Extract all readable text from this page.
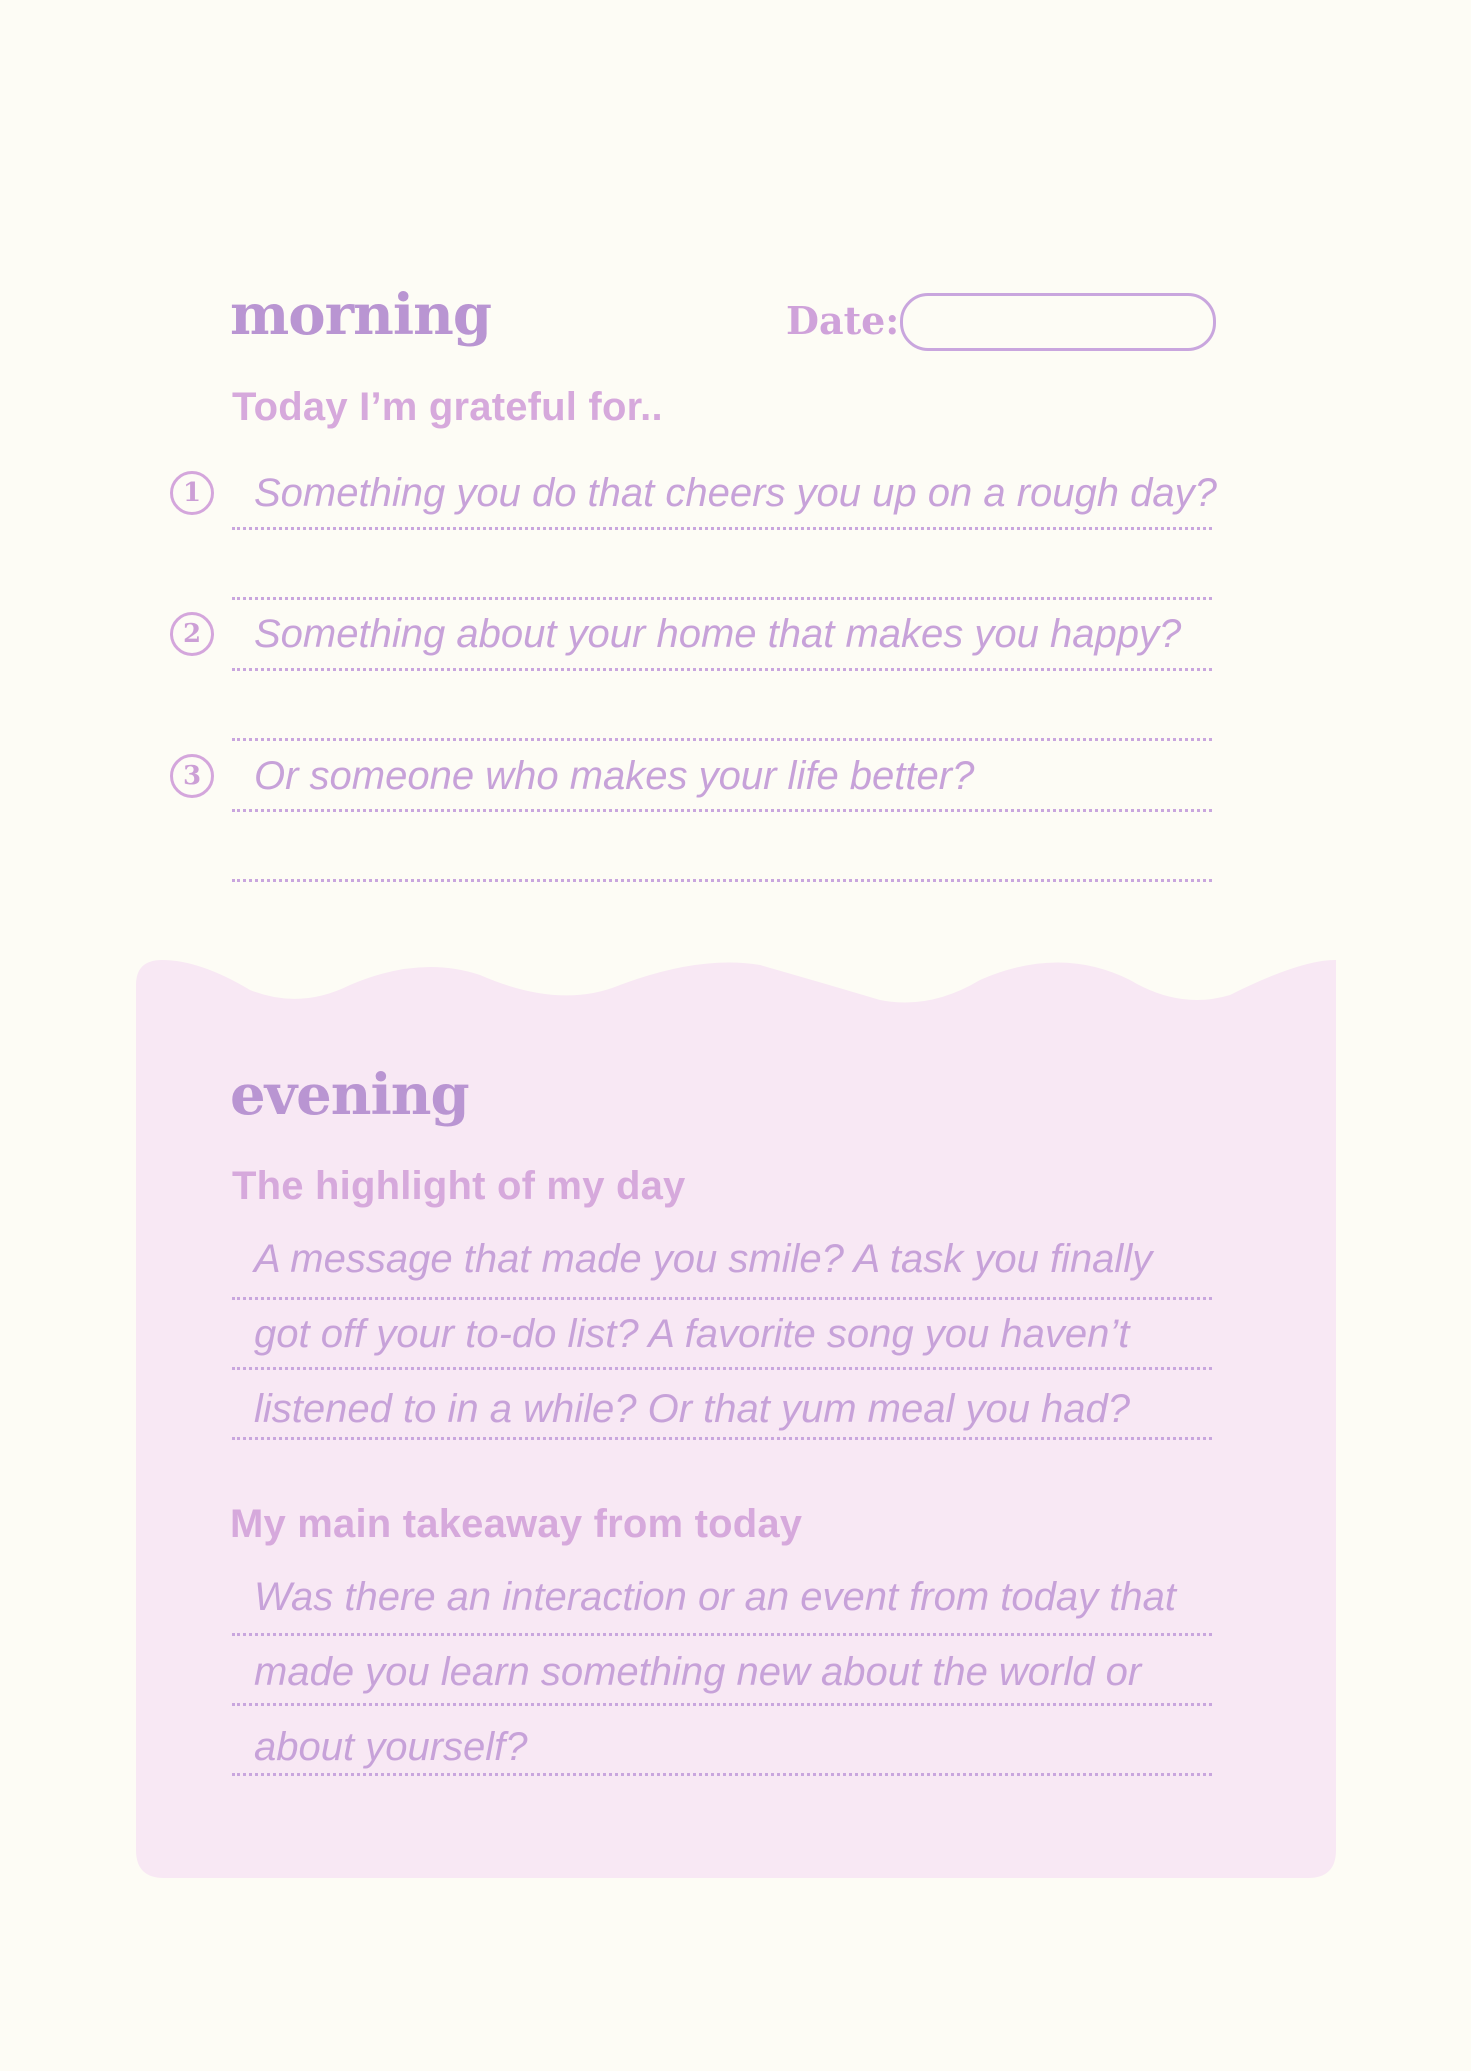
morning	Date:
Today I’m grateful for..
1	Something you do that cheers you up on a rough day?
2	Something about your home that makes you happy?
3	Or someone who makes your life better?
evening
The highlight of my day
A message that made you smile? A task you finally
got off your to-do list? A favorite song you haven’t
listened to in a while? Or that yum meal you had?
My main takeaway from today
Was there an interaction or an event from today that
made you learn something new about the world or
about yourself?
